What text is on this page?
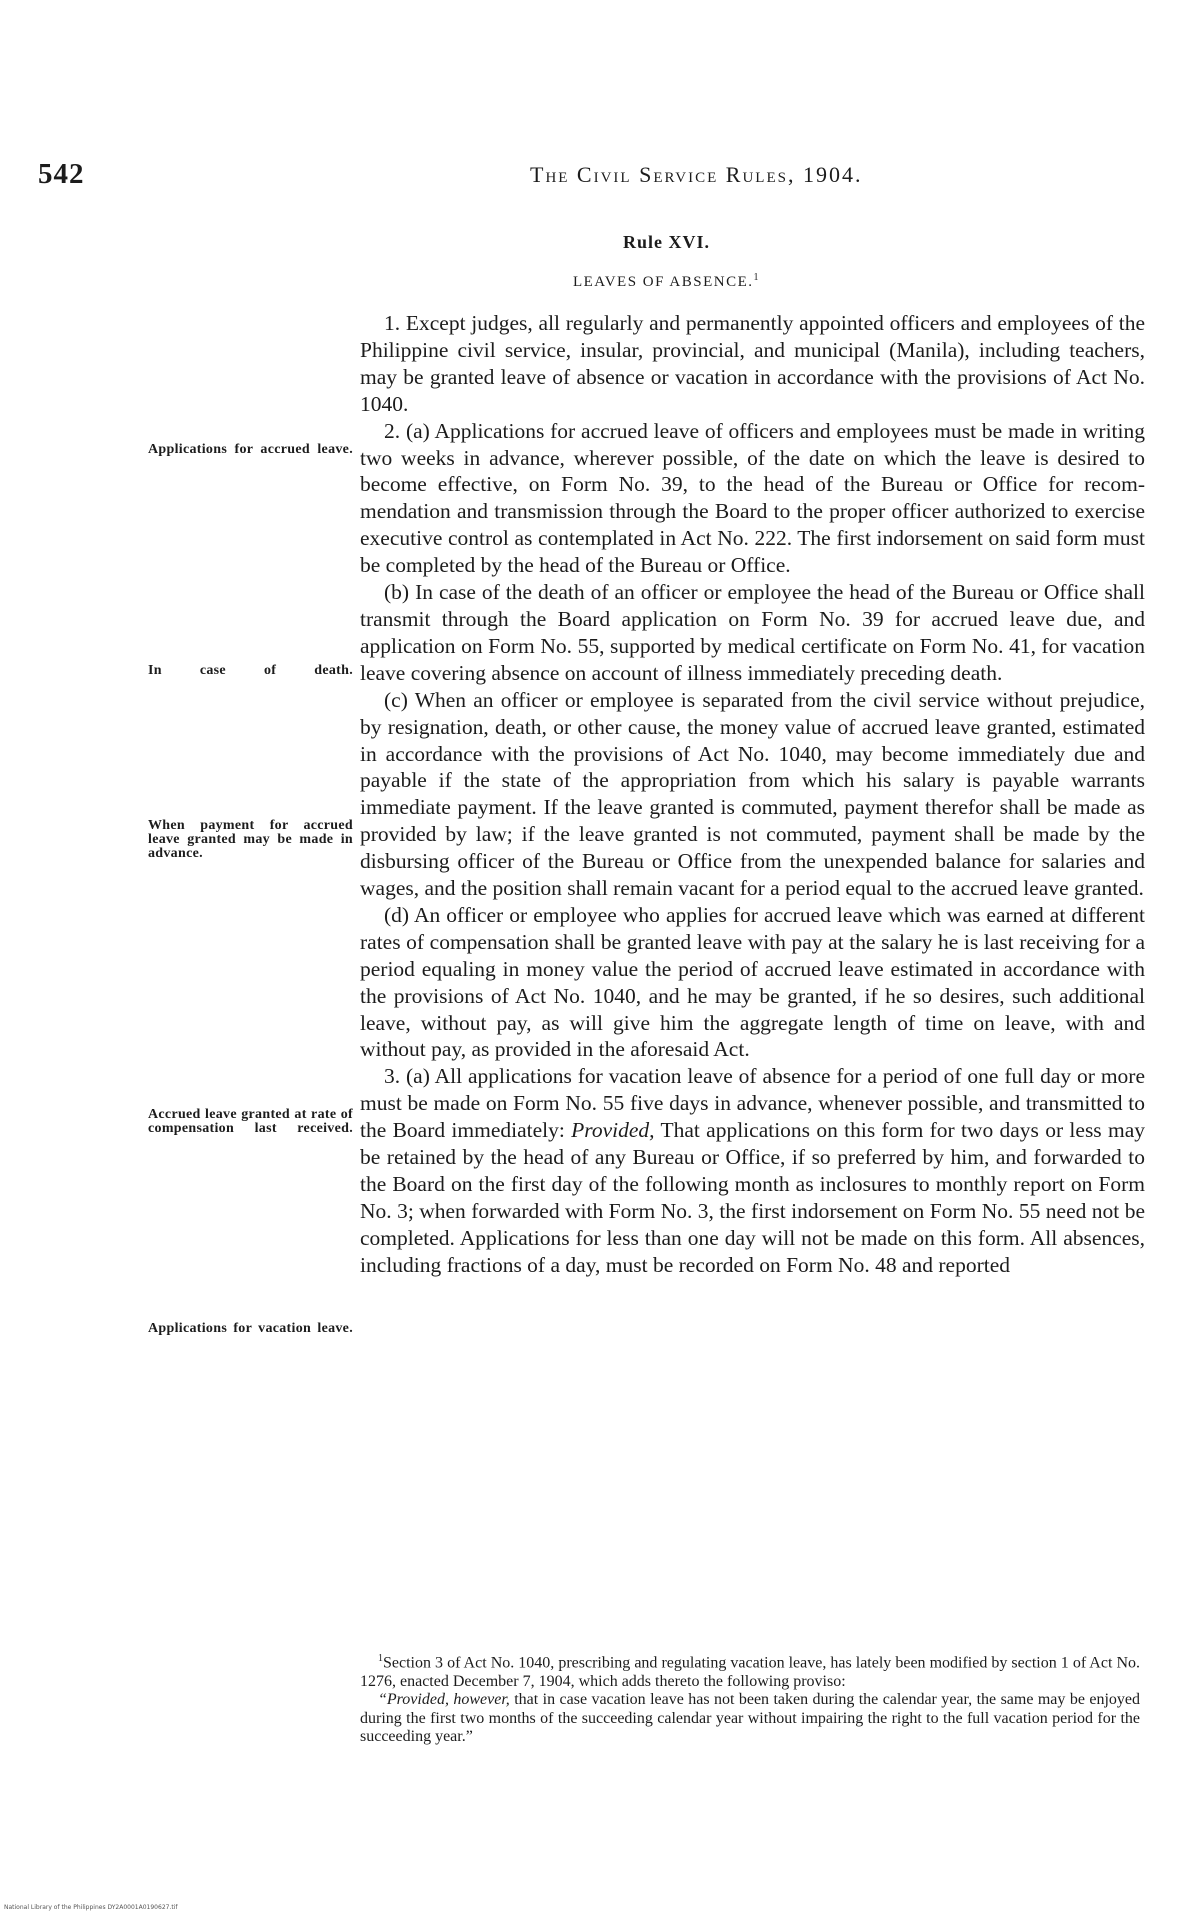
542	The Civil Service Rules, 1904.
Rule XVI.
LEAVES OF ABSENCE.$^1$
Applications for accrued leave.
In case of death.
When payment for accrued leave granted may be made in advance.
Accrued leave granted at rate of compensation last received.
Applications for vacation leave.

1. Except judges, all regularly and permanently appointed officers and employees of the Philippine civil service, insular, provincial, and municipal (Manila), including teachers, may be granted leave of absence or vacation in accordance with the provisions of Act No. 1040.

2. (a) Applications for accrued leave of officers and employees must be made in writing two weeks in advance, wherever possible, of the date on which the leave is desired to become effective, on Form No. 39, to the head of the Bureau or Office for recommendation and transmission through the Board to the proper officer authorized to exercise executive control as contemplated in Act No. 222. The first indorsement on said form must be completed by the head of the Bureau or Office.

(b) In case of the death of an officer or employee the head of the Bureau or Office shall transmit through the Board application on Form No. 39 for accrued leave due, and application on Form No. 55, supported by medical certificate on Form No. 41, for vacation leave covering absence on account of illness immediately preceding death.

(c) When an officer or employee is separated from the civil service without prejudice, by resignation, death, or other cause, the money value of accrued leave granted, estimated in accordance with the provisions of Act No. 1040, may become immediately due and payable if the state of the appropriation from which his salary is payable warrants immediate payment. If the leave granted is commuted, payment therefor shall be made as provided by law; if the leave granted is not commuted, payment shall be made by the disbursing officer of the Bureau or Office from the unexpended balance for salaries and wages, and the position shall remain vacant for a period equal to the accrued leave granted.

(d) An officer or employee who applies for accrued leave which was earned at different rates of compensation shall be granted leave with pay at the salary he is last receiving for a period equaling in money value the period of accrued leave estimated in accordance with the provisions of Act No. 1040, and he may be granted, if he so desires, such additional leave, without pay, as will give him the aggregate length of time on leave, with and without pay, as provided in the aforesaid Act.

3. (a) All applications for vacation leave of absence for a period of one full day or more must be made on Form No. 55 five days in advance, whenever possible, and transmitted to the Board immediately: Provided, That applications on this form for two days or less may be retained by the head of any Bureau or Office, if so preferred by him, and forwarded to the Board on the first day of the following month as inclosures to monthly report on Form No. 3; when forwarded with Form No. 3, the first indorsement on Form No. 55 need not be completed. Applications for less than one day will not be made on this form. All absences, including fractions of a day, must be recorded on Form No. 48 and reported

$^1$Section 3 of Act No. 1040, prescribing and regulating vacation leave, has lately been modified by section 1 of Act No. 1276, enacted December 7, 1904, which adds thereto the following proviso:

“Provided, however, that in case vacation leave has not been taken during the calendar year, the same may be enjoyed during the first two months of the succeeding calendar year without impairing the right to the full vacation period for the succeeding year.”

National Library of the Philippines DY2A0001A0190627.tif
